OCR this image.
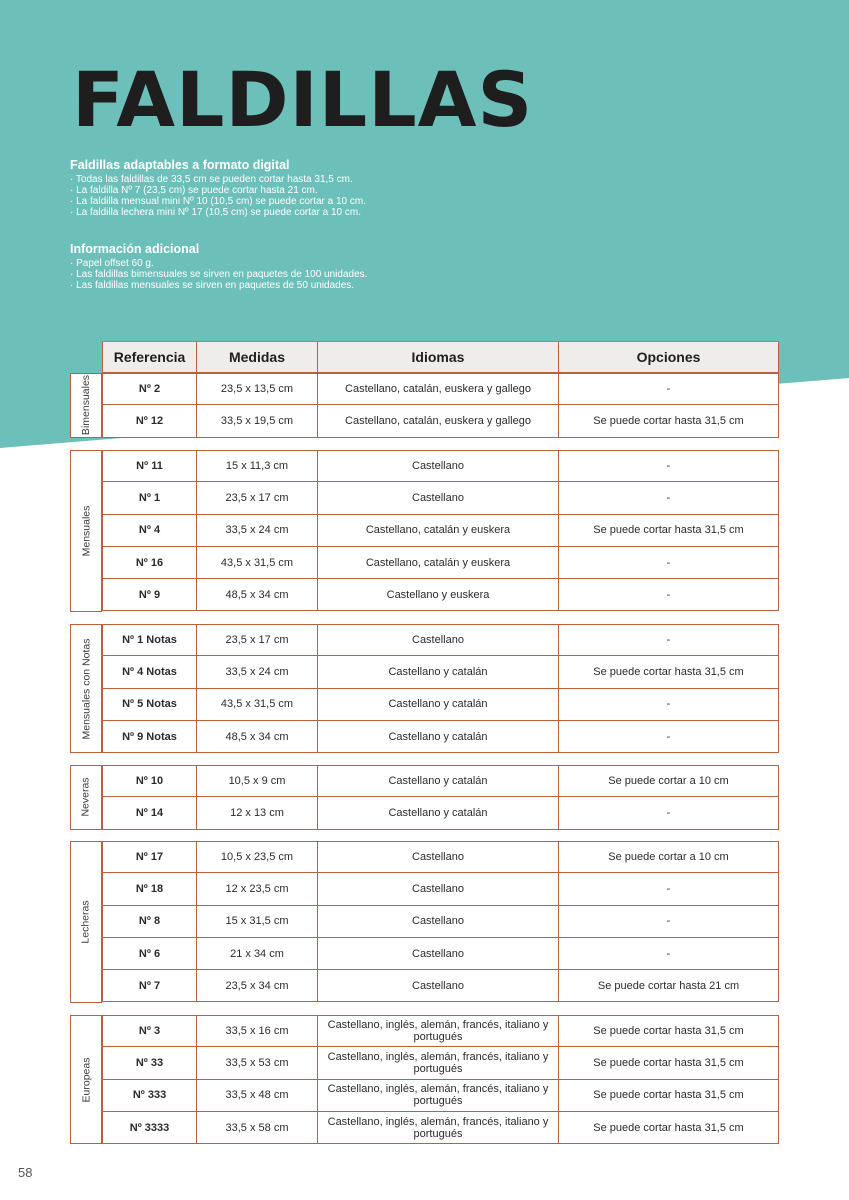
FALDILLAS
Faldillas adaptables a formato digital
· Todas las faldillas de 33,5 cm se pueden cortar hasta 31,5 cm.
· La faldilla Nº 7 (23,5 cm) se puede cortar hasta 21 cm.
· La faldilla mensual mini Nº 10 (10,5 cm) se puede cortar a 10 cm.
· La faldilla lechera mini Nº 17 (10,5 cm) se puede cortar a 10 cm.
Información adicional
· Papel offset 60 g.
· Las faldillas bimensuales se sirven en paquetes de 100 unidades.
· Las faldillas mensuales se sirven en paquetes de 50 unidades.
Referencia	Medidas	Idiomas	Opciones
Bimensuales	Nº 2	23,5 x 13,5 cm	Castellano, catalán, euskera y gallego	-
Nº 12	33,5 x 19,5 cm	Castellano, catalán, euskera y gallego	Se puede cortar hasta 31,5 cm
Mensuales
Nº 11	15 x 11,3 cm	Castellano	-
Nº 1	23,5 x 17 cm	Castellano	-
Nº 4	33,5 x 24 cm	Castellano, catalán y euskera	Se puede cortar hasta 31,5 cm
Nº 16	43,5 x 31,5 cm	Castellano, catalán y euskera	-
Nº 9	48,5 x 34 cm	Castellano y euskera	-
Mensuales con Notas	Nº 1 Notas	23,5 x 17 cm	Castellano	-
Nº 4 Notas	33,5 x 24 cm	Castellano y catalán	Se puede cortar hasta 31,5 cm
Nº 5 Notas	43,5 x 31,5 cm	Castellano y catalán	-
Nº 9 Notas	48,5 x 34 cm	Castellano y catalán	-
Neveras	Nº 10	10,5 x 9 cm	Castellano y catalán	Se puede cortar a 10 cm
Nº 14	12 x 13 cm	Castellano y catalán	-
Lecheras
Nº 17	10,5 x 23,5 cm	Castellano	Se puede cortar a 10 cm
Nº 18	12 x 23,5 cm	Castellano	-
Nº 8	15 x 31,5 cm	Castellano	-
Nº 6	21 x 34 cm	Castellano	-
Nº 7	23,5 x 34 cm	Castellano	Se puede cortar hasta 21 cm
Europeas
Nº 3	33,5 x 16 cm	Castellano, inglés, alemán, francés, italiano y portugués	Se puede cortar hasta 31,5 cm
Nº 33	33,5 x 53 cm	Castellano, inglés, alemán, francés, italiano y portugués	Se puede cortar hasta 31,5 cm
Nº 333	33,5 x 48 cm	Castellano, inglés, alemán, francés, italiano y portugués	Se puede cortar hasta 31,5 cm
Nº 3333	33,5 x 58 cm	Castellano, inglés, alemán, francés, italiano y portugués	Se puede cortar hasta 31,5 cm
58
